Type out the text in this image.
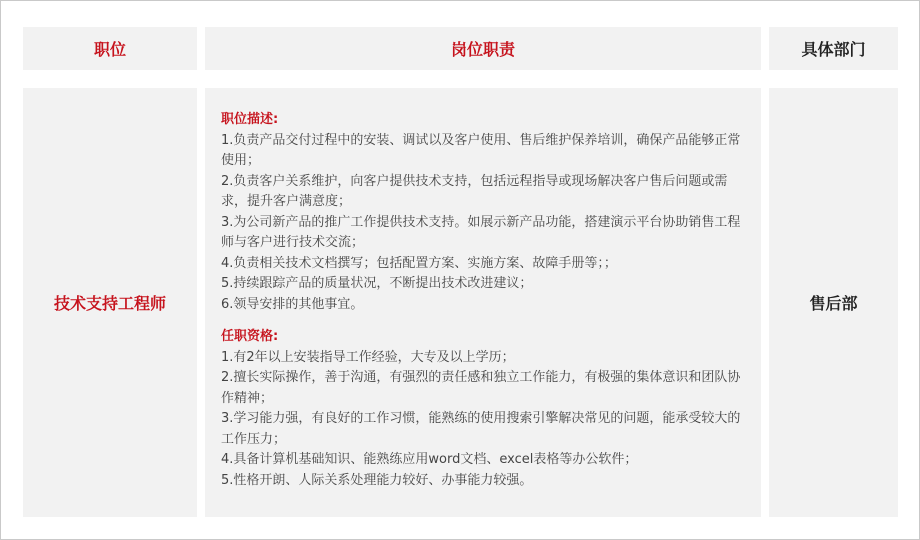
职位	岗位职责	具体部门
技术支持工程师
职位描述:

1.负责产品交付过程中的安装、调试以及客户使用、售后维护保养培训，确保产品能够正常使用；

2.负责客户关系维护，向客户提供技术支持，包括远程指导或现场解决客户售后问题或需求，提升客户满意度；

3.为公司新产品的推广工作提供技术支持。如展示新产品功能，搭建演示平台协助销售工程师与客户进行技术交流；

4.负责相关技术文档撰写；包括配置方案、实施方案、故障手册等；；

5.持续跟踪产品的质量状况，不断提出技术改进建议；

6.领导安排的其他事宜。

任职资格:

1.有2年以上安装指导工作经验，大专及以上学历；

2.擅长实际操作，善于沟通，有强烈的责任感和独立工作能力，有极强的集体意识和团队协作精神；

3.学习能力强，有良好的工作习惯，能熟练的使用搜索引擎解决常见的问题，能承受较大的工作压力；

4.具备计算机基础知识、能熟练应用word文档、excel表格等办公软件；

5.性格开朗、人际关系处理能力较好、办事能力较强。

售后部
